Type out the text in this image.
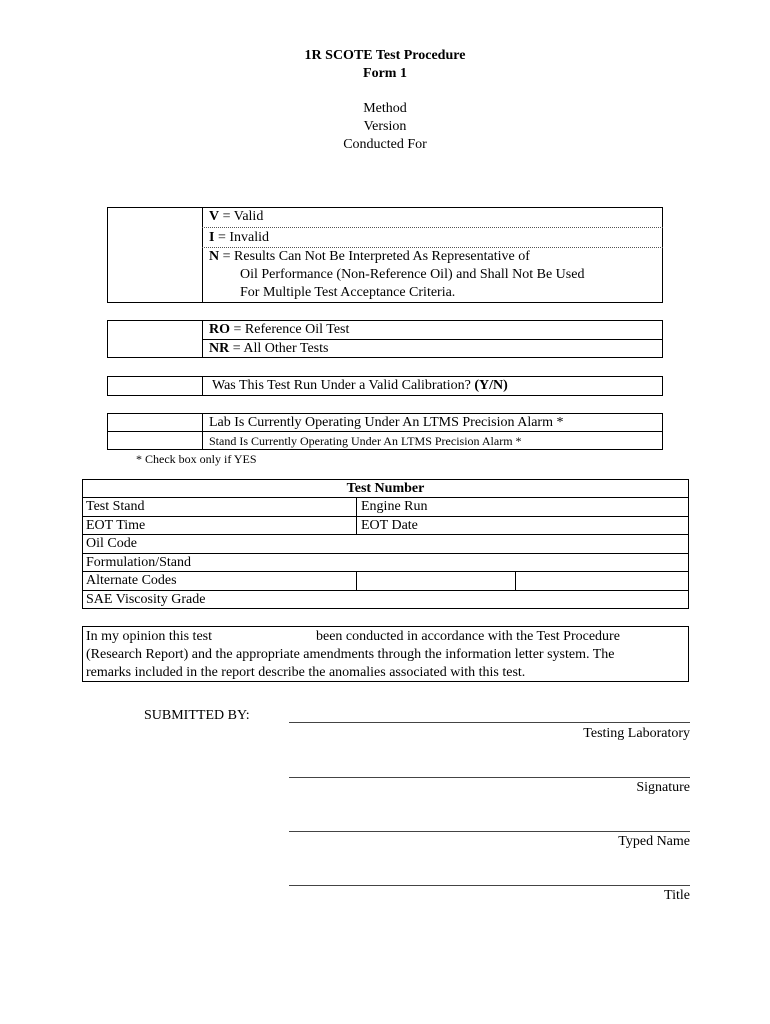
1R SCOTE Test Procedure
Form 1
Method
Version
Conducted For
V = Valid
I = Invalid
N = Results Can Not Be Interpreted As Representative of
Oil Performance (Non-Reference Oil) and Shall Not Be Used
For Multiple Test Acceptance Criteria.
RO = Reference Oil Test
NR = All Other Tests
Was This Test Run Under a Valid Calibration? (Y/N)
Lab Is Currently Operating Under An LTMS Precision Alarm *
Stand Is Currently Operating Under An LTMS Precision Alarm *
* Check box only if YES
Test Number
Test Stand	Engine Run
EOT Time	EOT Date
Oil Code
Formulation/Stand
Alternate Codes
SAE Viscosity Grade
In my opinion this test	been conducted in accordance with the Test Procedure
(Research Report) and the appropriate amendments through the information letter system. The
remarks included in the report describe the anomalies associated with this test.
SUBMITTED BY:
Testing Laboratory
Signature
Typed Name
Title
